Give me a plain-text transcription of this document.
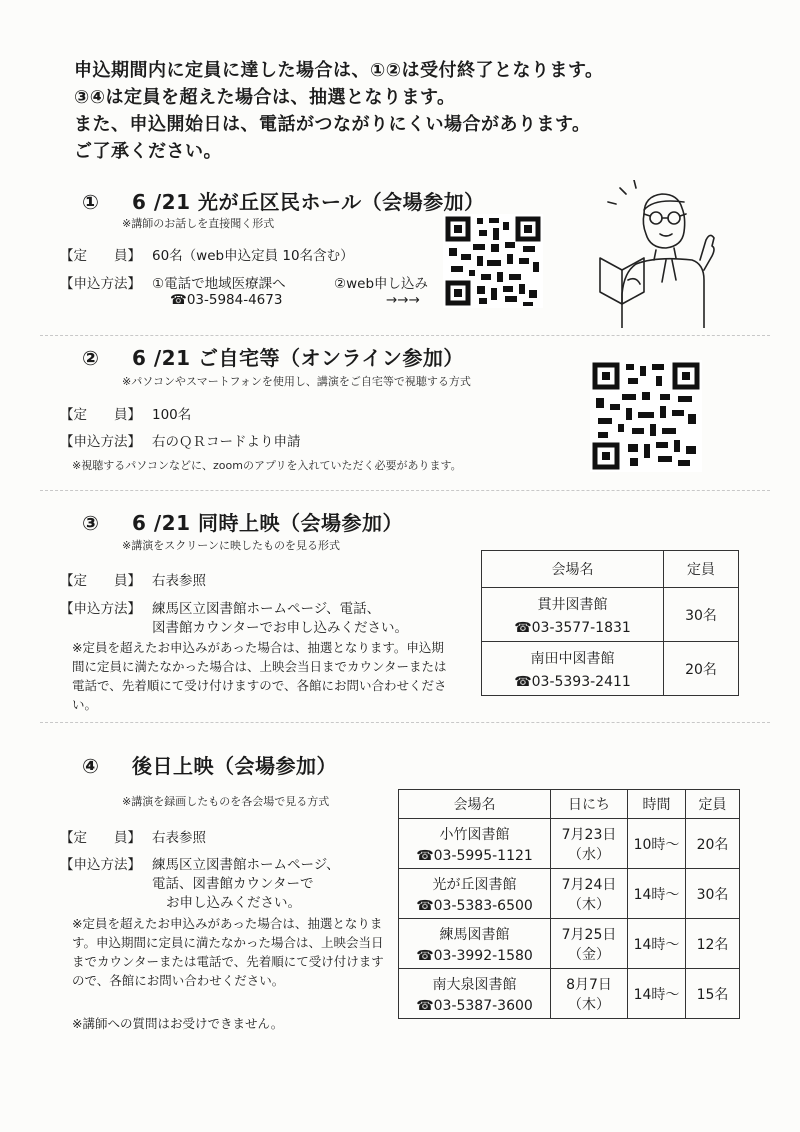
申込期間内に定員に達した場合は、①②は受付終了となります。
③④は定員を超えた場合は、抽選となります。
また、申込開始日は、電話がつながりにくい場合があります。
ご了承ください。
① 6 /21 光が丘区民ホール（会場参加）
※講師のお話しを直接聞く形式
【定　　員】 60名（web申込定員 10名含む）
【申込方法】 ①電話で地域医療課へ	②web申し込み
☎03-5984-4673	→→→
② 6 /21 ご自宅等（オンライン参加）
※パソコンやスマートフォンを使用し、講演をご自宅等で視聴する方式
【定　　員】 100名
【申込方法】 右のＱＲコードより申請
※視聴するパソコンなどに、zoomのアプリを入れていただく必要があります。
③ 6 /21 同時上映（会場参加）
※講演をスクリーンに映したものを見る形式
【定　　員】 右表参照
【申込方法】 練馬区立図書館ホームページ、電話、
図書館カウンターでお申し込みください。
※定員を超えたお申込みがあった場合は、抽選となります。申込期間に定員に満たなかった場合は、上映会当日までカウンターまたは電話で、先着順にて受け付けますので、各館にお問い合わせください。
会場名	定員

貫井図書館
☎03-3577-1831	30名

南田中図書館
☎03-5393-2411	20名
④ 後日上映（会場参加）
※講演を録画したものを各会場で見る方式
【定　　員】 右表参照
【申込方法】 練馬区立図書館ホームページ、
電話、図書館カウンターで
お申し込みください。
※定員を超えたお申込みがあった場合は、抽選となります。申込期間に定員に満たなかった場合は、上映会当日までカウンターまたは電話で、先着順にて受け付けますので、各館にお問い合わせください。
※講師への質問はお受けできません。
会場名	日にち	時間	定員

小竹図書館
☎03-5995-1121	7月23日
（水）	10時～	20名

光が丘図書館
☎03-5383-6500	7月24日
（木）	14時～	30名

練馬図書館
☎03-3992-1580	7月25日
（金）	14時～	12名

南大泉図書館
☎03-5387-3600	8月7日
（木）	14時～	15名
